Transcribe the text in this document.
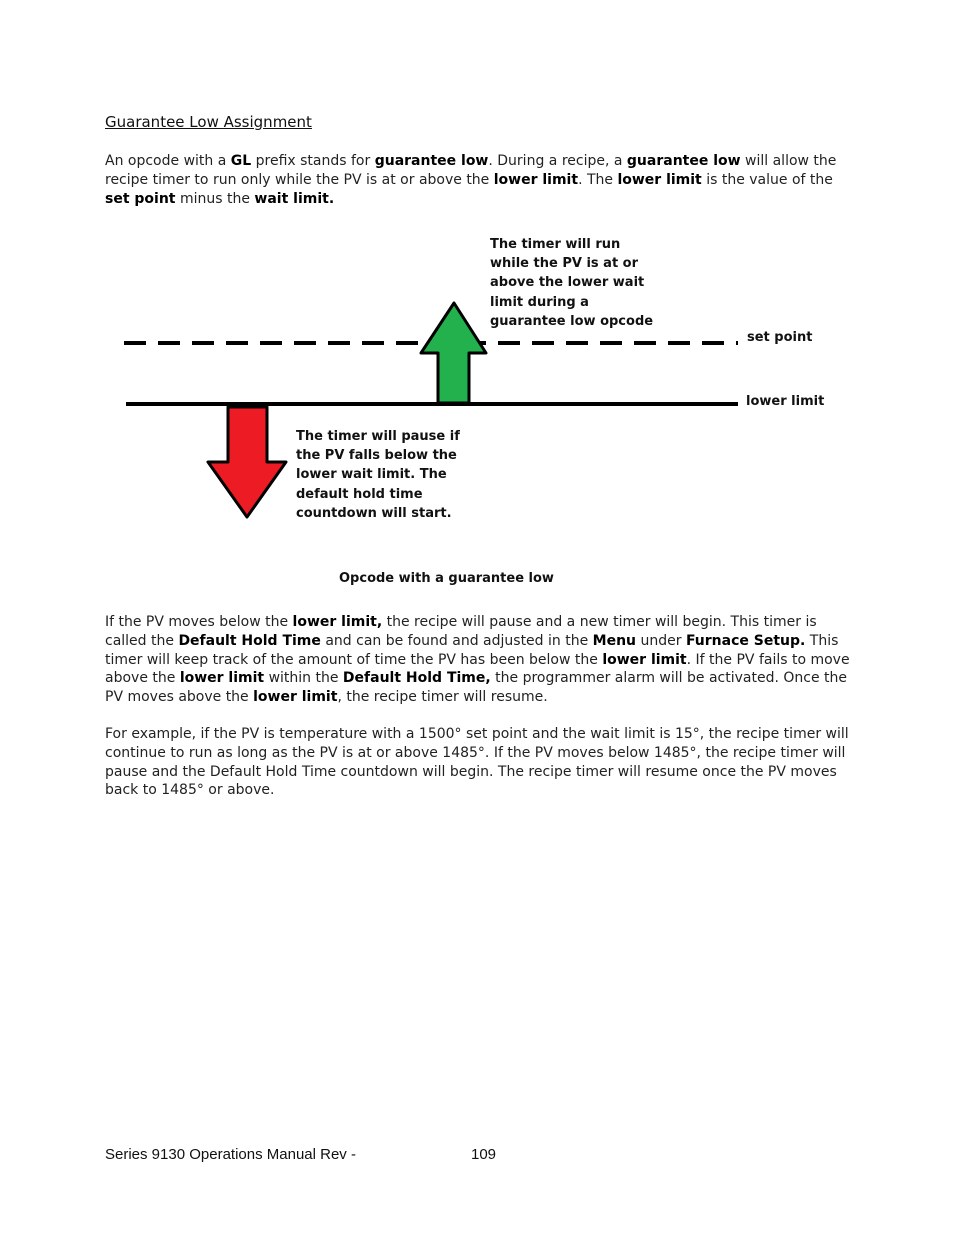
Guarantee Low Assignment

An opcode with a GL prefix stands for guarantee low. During a recipe, a guarantee low will allow the recipe timer to run only while the PV is at or above the lower limit. The lower limit is the value of the set point minus the wait limit.

The timer will run
while the PV is at or
above the lower wait
limit during a
guarantee low opcode

The timer will pause if
the PV falls below the
lower wait limit. The
default hold time
countdown will start.

set point
lower limit
Opcode with a guarantee low

If the PV moves below the lower limit, the recipe will pause and a new timer will begin. This timer is called the Default Hold Time and can be found and adjusted in the Menu under Furnace Setup. This timer will keep track of the amount of time the PV has been below the lower limit. If the PV fails to move above the lower limit within the Default Hold Time, the programmer alarm will be activated. Once the PV moves above the lower limit, the recipe timer will resume.

For example, if the PV is temperature with a 1500° set point and the wait limit is 15°, the recipe timer will continue to run as long as the PV is at or above 1485°. If the PV moves below 1485°, the recipe timer will pause and the Default Hold Time countdown will begin. The recipe timer will resume once the PV moves back to 1485° or above.

Series 9130 Operations Manual Rev -	109
